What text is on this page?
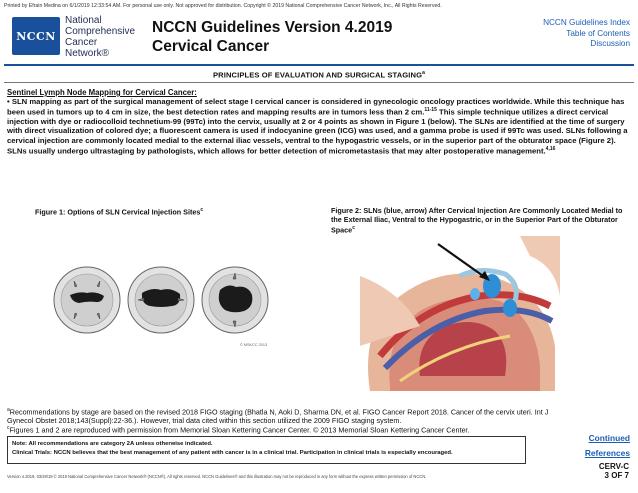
Printed by Efrain Medina on 6/1/2019 12:33:54 AM. For personal use only. Not approved for distribution. Copyright © 2019 National Comprehensive Cancer Network, Inc., All Rights Reserved.
NCCN
National
Comprehensive
Cancer
Network®
NCCN Guidelines Version 4.2019
Cervical Cancer
NCCN Guidelines Index
Table of Contents
Discussion
PRINCIPLES OF EVALUATION AND SURGICAL STAGING$^a$
Sentinel Lymph Node Mapping for Cervical Cancer:
• SLN mapping as part of the surgical management of select stage I cervical cancer is considered in gynecologic oncology practices worldwide. While this technique has been used in tumors up to 4 cm in size, the best detection rates and mapping results are in tumors less than 2 cm.$^{11-15}$ This simple technique utilizes a direct cervical injection with dye or radiocolloid technetium-99 (99Tc) into the cervix, usually at 2 or 4 points as shown in Figure 1 (below). The SLNs are identified at the time of surgery with direct visualization of colored dye; a fluorescent camera is used if indocyanine green (ICG) was used, and a gamma probe is used if 99Tc was used. SLNs following a cervical injection are commonly located medial to the external iliac vessels, ventral to the hypogastric vessels, or in the superior part of the obturator space (Figure 2). SLNs usually undergo ultrastaging by pathologists, which allows for better detection of micrometastasis that may alter postoperative management.$^{4,16}$
Figure 1: Options of SLN Cervical Injection Sites$^c$
© MSKCC 2013
Figure 2: SLNs (blue, arrow) After Cervical Injection Are Commonly Located Medial to the External Iliac, Ventral to the Hypogastric, or in the Superior Part of the Obturator Space$^c$
$^a$Recommendations by stage are based on the revised 2018 FIGO staging (Bhatla N, Aoki D, Sharma DN, et al. FIGO Cancer Report 2018. Cancer of the cervix uteri. Int J Gynecol Obstet 2018;143(Suppl):22-36.). However, trial data cited within this section utilized the 2009 FIGO staging system.
$^c$Figures 1 and 2 are reproduced with permission from Memorial Sloan Kettering Cancer Center. © 2013 Memorial Sloan Kettering Cancer Center.
Note: All recommendations are category 2A unless otherwise indicated.
Clinical Trials: NCCN believes that the best management of any patient with cancer is in a clinical trial. Participation in clinical trials is especially encouraged.
Continued
References
CERV-C
3 OF 7
Version 4.2019, 03/29/19 © 2019 National Comprehensive Cancer Network® (NCCN®), All rights reserved. NCCN Guidelines® and this illustration may not be reproduced in any form without the express written permission of NCCN.
